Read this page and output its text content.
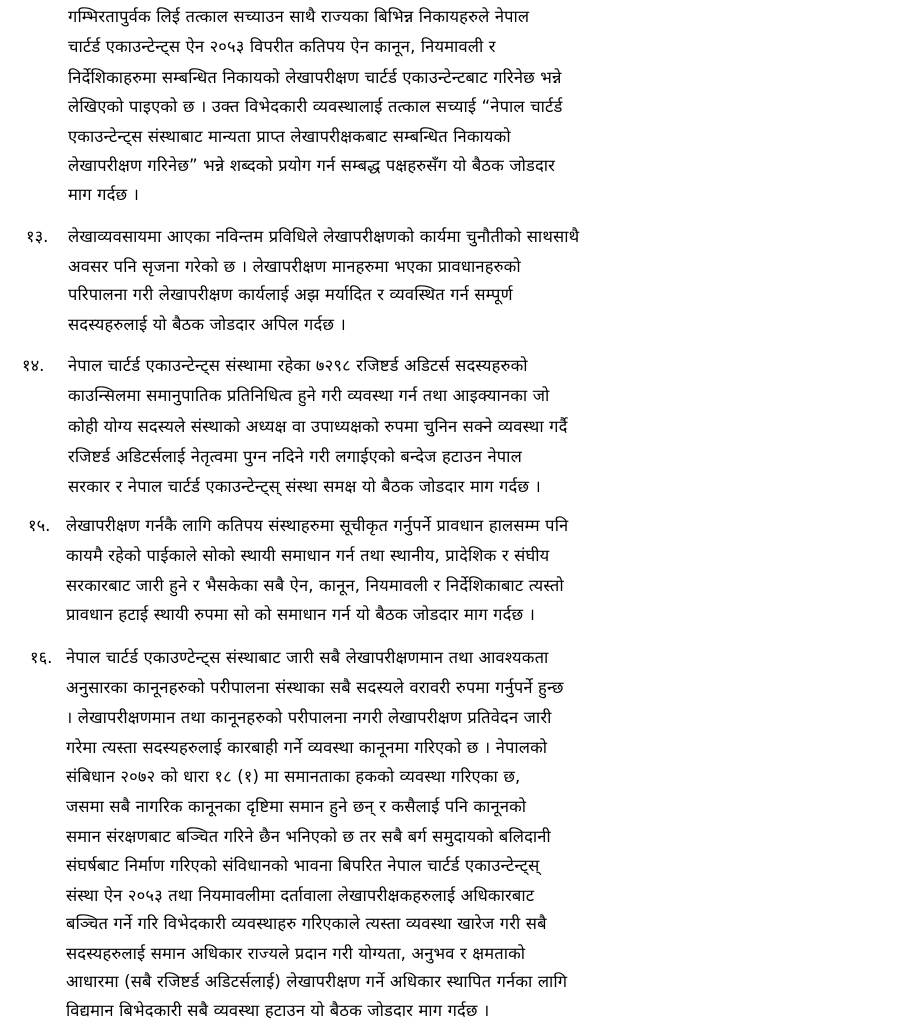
गम्भिरतापुर्वक लिई तत्काल सच्याउन साथै राज्यका बिभिन्न निकायहरुले नेपाल
चार्टर्ड एकाउन्टेन्ट्स ऐन २०५३ विपरीत कतिपय ऐन कानून, नियमावली र
निर्देशिकाहरुमा सम्बन्धित निकायको लेखापरीक्षण चार्टर्ड एकाउन्टेन्टबाट गरिनेछ भन्ने
लेखिएको पाइएको छ । उक्त विभेदकारी व्यवस्थालाई तत्काल सच्याई “नेपाल चार्टर्ड
एकाउन्टेन्ट्स संस्थाबाट मान्यता प्राप्त लेखापरीक्षकबाट सम्बन्धित निकायको
लेखापरीक्षण गरिनेछ” भन्ने शब्दको प्रयोग गर्न सम्बद्ध पक्षहरुसँग यो बैठक जोडदार
माग गर्दछ ।
१३. लेखाव्यवसायमा आएका नविन्तम प्रविधिले लेखापरीक्षणको कार्यमा चुनौतीको साथसाथै
अवसर पनि सृजना गरेको छ । लेखापरीक्षण मानहरुमा भएका प्रावधानहरुको
परिपालना गरी लेखापरीक्षण कार्यलाई अझ मर्यादित र व्यवस्थित गर्न सम्पूर्ण
सदस्यहरुलाई यो बैठक जोडदार अपिल गर्दछ ।
१४. नेपाल चार्टर्ड एकाउन्टेन्ट्स संस्थामा रहेका ७२९८ रजिष्टर्ड अडिटर्स सदस्यहरुको
काउन्सिलमा समानुपातिक प्रतिनिधित्व हुने गरी व्यवस्था गर्न तथा आइक्यानका जो
कोही योग्य सदस्यले संस्थाको अध्यक्ष वा उपाध्यक्षको रुपमा चुनिन सक्ने व्यवस्था गर्दै
रजिष्टर्ड अडिटर्सलाई नेतृत्वमा पुग्न नदिने गरी लगाईएको बन्देज हटाउन नेपाल
सरकार र नेपाल चार्टर्ड एकाउन्टेन्ट्स् संस्था समक्ष यो बैठक जोडदार माग गर्दछ ।
१५. लेखापरीक्षण गर्नकै लागि कतिपय संस्थाहरुमा सूचीकृत गर्नुपर्ने प्रावधान हालसम्म पनि
कायमै रहेको पाईकाले सोको स्थायी समाधान गर्न तथा स्थानीय, प्रादेशिक र संघीय
सरकारबाट जारी हुने र भैसकेका सबै ऐन, कानून, नियमावली र निर्देशिकाबाट त्यस्तो
प्रावधान हटाई स्थायी रुपमा सो को समाधान गर्न यो बैठक जोडदार माग गर्दछ ।
१६. नेपाल चार्टर्ड एकाउण्टेन्ट्स संस्थाबाट जारी सबै लेखापरीक्षणमान तथा आवश्यकता
अनुसारका कानूनहरुको परीपालना संस्थाका सबै सदस्यले वरावरी रुपमा गर्नुपर्ने हुन्छ
। लेखापरीक्षणमान तथा कानूनहरुको परीपालना नगरी लेखापरीक्षण प्रतिवेदन जारी
गरेमा त्यस्ता सदस्यहरुलाई कारबाही गर्ने व्यवस्था कानूनमा गरिएको छ । नेपालको
संबिधान २०७२ को धारा १८ (१) मा समानताका हकको व्यवस्था गरिएका छ,
जसमा सबै नागरिक कानूनका दृष्टिमा समान हुने छन् र कसैलाई पनि कानूनको
समान संरक्षणबाट बञ्चित गरिने छैन भनिएको छ तर सबै बर्ग समुदायको बलिदानी
संघर्षबाट निर्माण गरिएको संविधानको भावना बिपरित नेपाल चार्टर्ड एकाउन्टेन्ट्स्
संस्था ऐन २०५३ तथा नियमावलीमा दर्तावाला लेखापरीक्षकहरुलाई अधिकारबाट
बञ्चित गर्ने गरि विभेदकारी व्यवस्थाहरु गरिएकाले त्यस्ता व्यवस्था खारेज गरी सबै
सदस्यहरुलाई समान अधिकार राज्यले प्रदान गरी योग्यता, अनुभव र क्षमताको
आधारमा (सबै रजिष्टर्ड अडिटर्सलाई) लेखापरीक्षण गर्ने अधिकार स्थापित गर्नका लागि
विद्यमान बिभेदकारी सबै व्यवस्था हटाउन यो बैठक जोडदार माग गर्दछ ।
